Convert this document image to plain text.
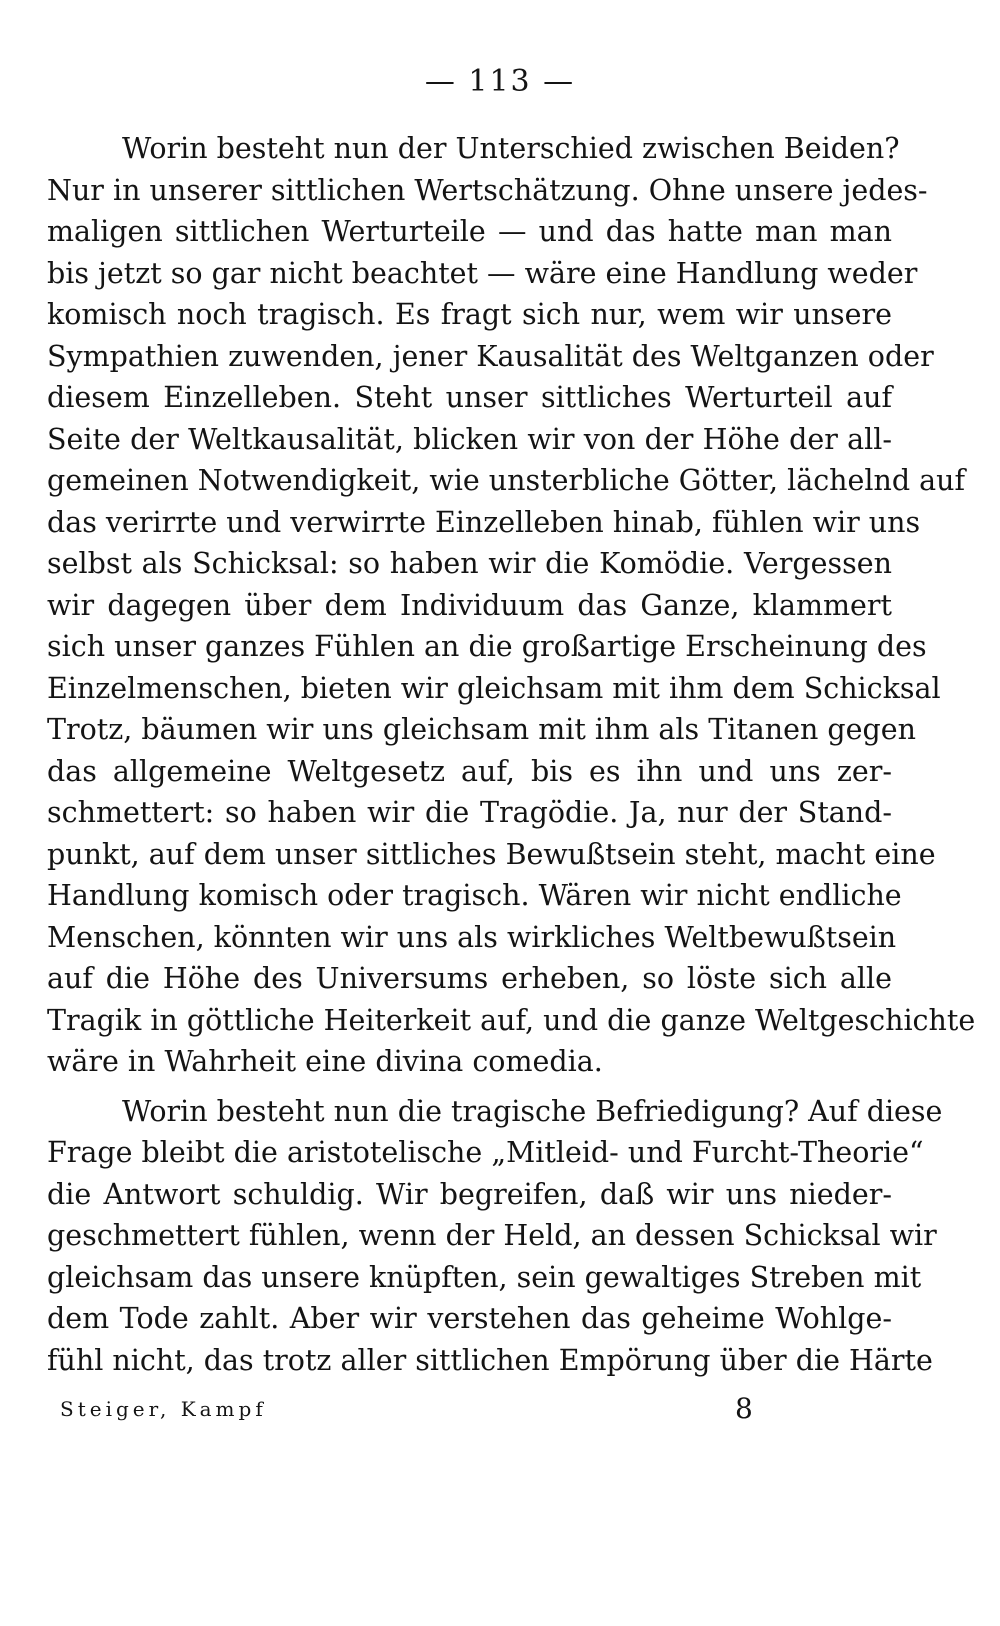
— 113 —
Worin besteht nun der Unterschied zwischen Beiden?
Nur in unserer sittlichen Wertschätzung. Ohne unsere jedes-
maligen sittlichen Werturteile — und das hatte man man
bis jetzt so gar nicht beachtet — wäre eine Handlung weder
komisch noch tragisch. Es fragt sich nur, wem wir unsere
Sympathien zuwenden, jener Kausalität des Weltganzen oder
diesem Einzelleben. Steht unser sittliches Werturteil auf
Seite der Weltkausalität, blicken wir von der Höhe der all-
gemeinen Notwendigkeit, wie unsterbliche Götter, lächelnd auf
das verirrte und verwirrte Einzelleben hinab, fühlen wir uns
selbst als Schicksal: so haben wir die Komödie. Vergessen
wir dagegen über dem Individuum das Ganze, klammert
sich unser ganzes Fühlen an die großartige Erscheinung des
Einzelmenschen, bieten wir gleichsam mit ihm dem Schicksal
Trotz, bäumen wir uns gleichsam mit ihm als Titanen gegen
das allgemeine Weltgesetz auf, bis es ihn und uns zer-
schmettert: so haben wir die Tragödie. Ja, nur der Stand-
punkt, auf dem unser sittliches Bewußtsein steht, macht eine
Handlung komisch oder tragisch. Wären wir nicht endliche
Menschen, könnten wir uns als wirkliches Weltbewußtsein
auf die Höhe des Universums erheben, so löste sich alle
Tragik in göttliche Heiterkeit auf, und die ganze Weltgeschichte
wäre in Wahrheit eine divina comedia.
Worin besteht nun die tragische Befriedigung? Auf diese
Frage bleibt die aristotelische „Mitleid- und Furcht-Theorie“
die Antwort schuldig. Wir begreifen, daß wir uns nieder-
geschmettert fühlen, wenn der Held, an dessen Schicksal wir
gleichsam das unsere knüpften, sein gewaltiges Streben mit
dem Tode zahlt. Aber wir verstehen das geheime Wohlge-
fühl nicht, das trotz aller sittlichen Empörung über die Härte
Steiger, Kampf	8
